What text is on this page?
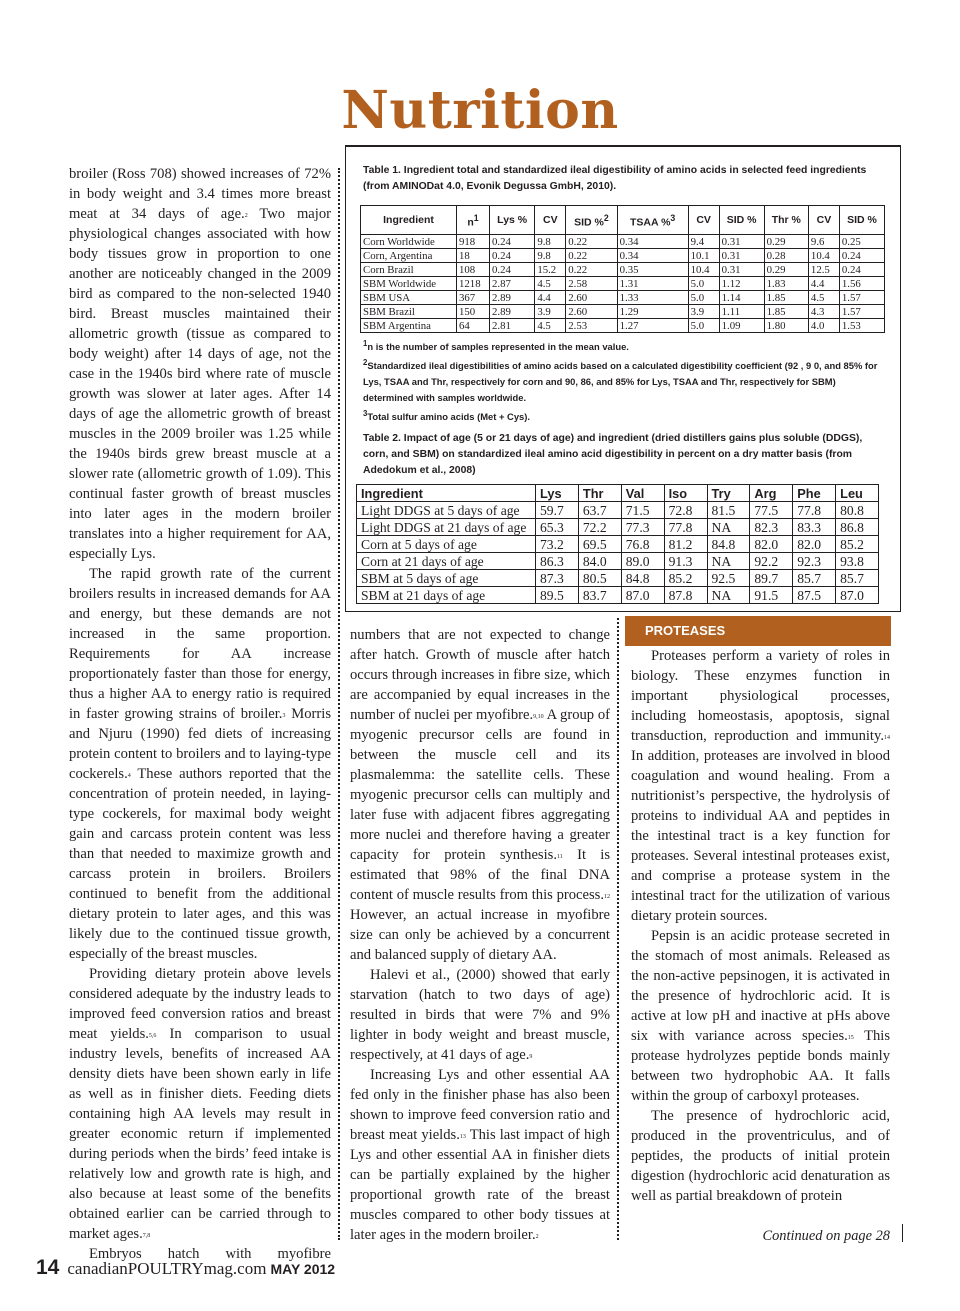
Nutrition

broiler (Ross 708) showed increases of 72% in body weight and 3.4 times more breast meat at 34 days of age.$^2$ Two major physiological changes associated with how body tissues grow in proportion to one another are noticeably changed in the 2009 bird as compared to the non-selected 1940 bird. Breast muscles maintained their allometric growth (tissue as compared to body weight) after 14 days of age, not the case in the 1940s bird where rate of muscle growth was slower at later ages. After 14 days of age the allometric growth of breast muscles in the 2009 broiler was 1.25 while the 1940s birds grew breast muscle at a slower rate (allometric growth of 1.09). This continual faster growth of breast muscles into later ages in the modern broiler translates into a higher requirement for AA, especially Lys.

The rapid growth rate of the current broilers results in increased demands for AA and energy, but these demands are not increased in the same proportion. Requirements for AA increase proportionately faster than those for energy, thus a higher AA to energy ratio is required in faster growing strains of broiler.$^3$ Morris and Njuru (1990) fed diets of increasing protein content to broilers and to laying-type cockerels.$^4$ These authors reported that the concentration of protein needed, in laying-type cockerels, for maximal body weight gain and carcass protein content was less than that needed to maximize growth and carcass protein in broilers. Broilers continued to benefit from the additional dietary protein to later ages, and this was likely due to the continued tissue growth, especially of the breast muscles.

Providing dietary protein above levels considered adequate by the industry leads to improved feed conversion ratios and breast meat yields.$^{5,6}$ In comparison to usual industry levels, benefits of increased AA density diets have been shown early in life as well as in finisher diets. Feeding diets containing high AA levels may result in greater economic return if implemented during periods when the birds’ feed intake is relatively low and growth rate is high, and also because at least some of the benefits obtained earlier can be carried through to market ages.$^{7,8}$

Embryos hatch with myofibre

Table 1. Ingredient total and standardized ileal digestibility of amino acids in selected feed ingredients (from AMINODat 4.0, Evonik Degussa GmbH, 2010).
Ingredient	$n^1$	Lys %	CV	SID %$^2$	TSAA %$^3$	CV	SID %	Thr %	CV	SID %
Corn Worldwide	918	0.24	9.8	0.22	0.34	9.4	0.31	0.29	9.6	0.25
Corn, Argentina	18	0.24	9.8	0.22	0.34	10.1	0.31	0.28	10.4	0.24
Corn Brazil	108	0.24	15.2	0.22	0.35	10.4	0.31	0.29	12.5	0.24
SBM Worldwide	1218	2.87	4.5	2.58	1.31	5.0	1.12	1.83	4.4	1.56
SBM USA	367	2.89	4.4	2.60	1.33	5.0	1.14	1.85	4.5	1.57
SBM Brazil	150	2.89	3.9	2.60	1.29	3.9	1.11	1.85	4.3	1.57
SBM Argentina	64	2.81	4.5	2.53	1.27	5.0	1.09	1.80	4.0	1.53
$^1$n is the number of samples represented in the mean value.
$^2$Standardized ileal digestibilities of amino acids based on a calculated digestibility coefficient (92 , 9 0, and 85% for Lys, TSAA and Thr, respectively for corn and 90, 86, and 85% for Lys, TSAA and Thr, respectively for SBM) determined with samples worldwide.
$^3$Total sulfur amino acids (Met + Cys).
Table 2. Impact of age (5 or 21 days of age) and ingredient (dried distillers gains plus soluble (DDGS), corn, and SBM) on standardized ileal amino acid digestibility in percent on a dry matter basis (from Adedokum et al., 2008)
Ingredient	Lys	Thr	Val	Iso	Try	Arg	Phe	Leu
Light DDGS at 5 days of age	59.7	63.7	71.5	72.8	81.5	77.5	77.8	80.8
Light DDGS at 21 days of age	65.3	72.2	77.3	77.8	NA	82.3	83.3	86.8
Corn at 5 days of age	73.2	69.5	76.8	81.2	84.8	82.0	82.0	85.2
Corn at 21 days of age	86.3	84.0	89.0	91.3	NA	92.2	92.3	93.8
SBM at 5 days of age	87.3	80.5	84.8	85.2	92.5	89.7	85.7	85.7
SBM at 21 days of age	89.5	83.7	87.0	87.8	NA	91.5	87.5	87.0

numbers that are not expected to change after hatch. Growth of muscle after hatch occurs through increases in fibre size, which are accompanied by equal increases in the number of nuclei per myofibre.$^{9,10}$ A group of myogenic precursor cells are found in between the muscle cell and its plasmalemma: the satellite cells. These myogenic precursor cells can multiply and later fuse with adjacent fibres aggregating more nuclei and therefore having a greater capacity for protein synthesis.$^{11}$ It is estimated that 98% of the final DNA content of muscle results from this process.$^{12}$ However, an actual increase in myofibre size can only be achieved by a concurrent and balanced supply of dietary AA.

Halevi et al., (2000) showed that early starvation (hatch to two days of age) resulted in birds that were 7% and 9% lighter in body weight and breast muscle, respectively, at 41 days of age.$^9$

Increasing Lys and other essential AA fed only in the finisher phase has also been shown to improve feed conversion ratio and breast meat yields.$^{13}$ This last impact of high Lys and other essential AA in finisher diets can be partially explained by the higher proportional growth rate of the breast muscles compared to other body tissues at later ages in the modern broiler.$^2$

PROTEASES

Proteases perform a variety of roles in biology. These enzymes function in important physiological processes, including homeostasis, apoptosis, signal transduction, reproduction and immunity.$^{14}$ In addition, proteases are involved in blood coagulation and wound healing. From a nutritionist’s perspective, the hydrolysis of proteins to individual AA and peptides in the intestinal tract is a key function for proteases. Several intestinal proteases exist, and comprise a protease system in the intestinal tract for the utilization of various dietary protein sources.

Pepsin is an acidic protease secreted in the stomach of most animals. Released as the non-active pepsinogen, it is activated in the presence of hydrochloric acid. It is active at low pH and inactive at pHs above six with variance across species.$^{15}$ This protease hydrolyzes peptide bonds mainly between two hydrophobic AA. It falls within the group of carboxyl proteases.

The presence of hydrochloric acid, produced in the proventriculus, and of peptides, the products of initial protein digestion (hydrochloric acid denaturation as well as partial breakdown of protein

Continued on page 28
14 canadianPOULTRYmag.com MAY 2012
